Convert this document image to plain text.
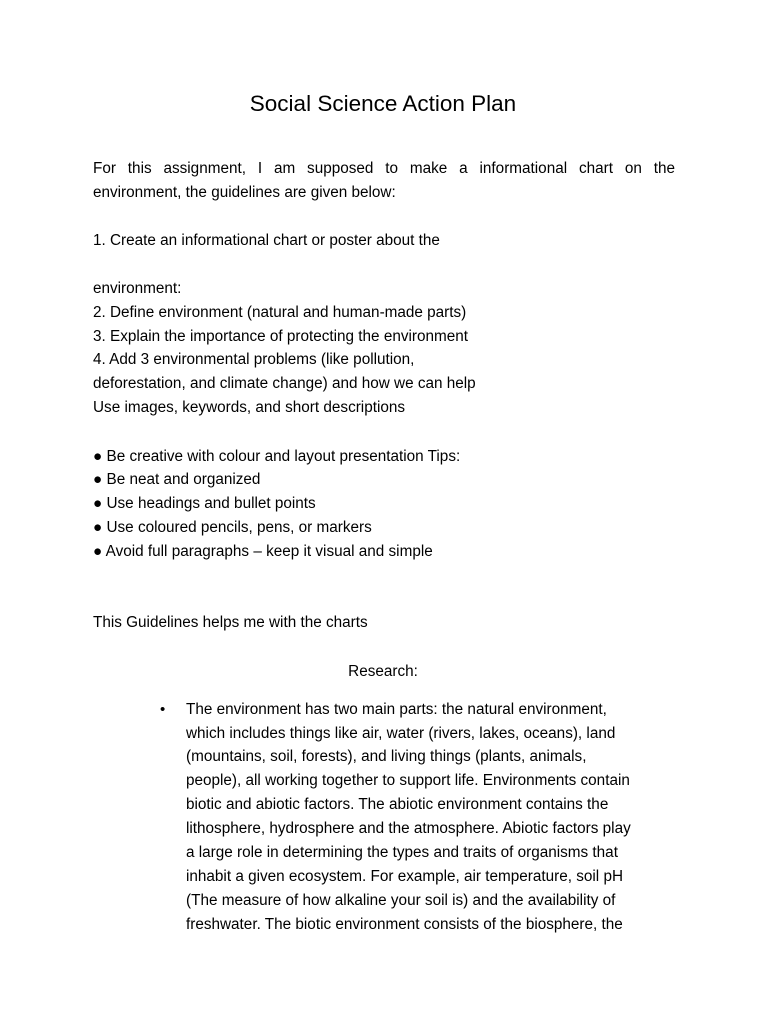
Social Science Action Plan

For this assignment, I am supposed to make a informational chart on the

environment, the guidelines are given below:

1. Create an informational chart or poster about the

environment:

2. Define environment (natural and human-made parts)

3. Explain the importance of protecting the environment

4. Add 3 environmental problems (like pollution,

deforestation, and climate change) and how we can help

Use images, keywords, and short descriptions

● Be creative with colour and layout presentation Tips:

● Be neat and organized

● Use headings and bullet points

● Use coloured pencils, pens, or markers

● Avoid full paragraphs – keep it visual and simple

This Guidelines helps me with the charts

Research:

• The environment has two main parts: the natural environment,

which includes things like air, water (rivers, lakes, oceans), land

(mountains, soil, forests), and living things (plants, animals,

people), all working together to support life. Environments contain

biotic and abiotic factors. The abiotic environment contains the

lithosphere, hydrosphere and the atmosphere. Abiotic factors play

a large role in determining the types and traits of organisms that

inhabit a given ecosystem. For example, air temperature, soil pH

(The measure of how alkaline your soil is) and the availability of

freshwater. The biotic environment consists of the biosphere, the
